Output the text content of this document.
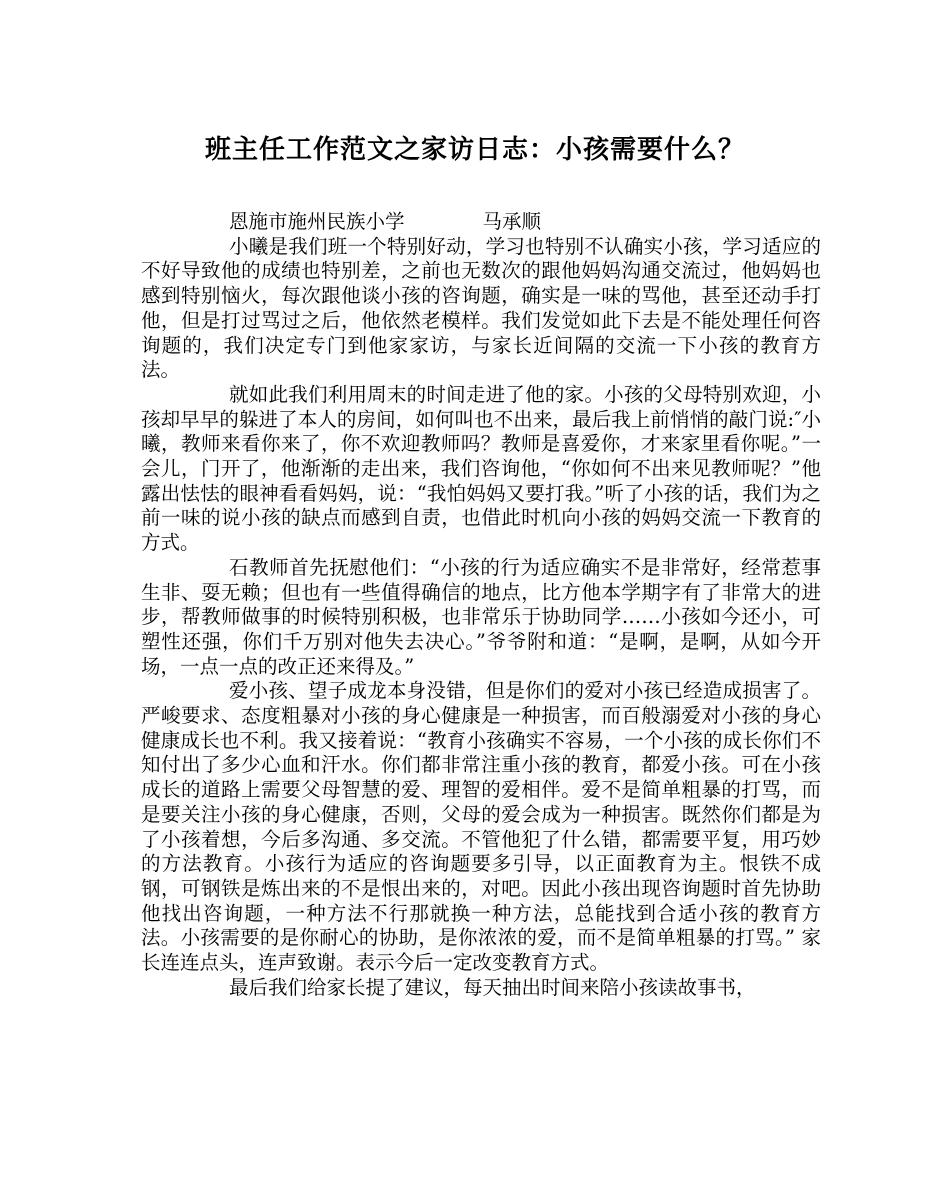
班主任工作范文之家访日志：小孩需要什么？

恩施市施州民族小学	马承顺

小曦是我们班一个特别好动，学习也特别不认确实小孩，学习适应的不好导致他的成绩也特别差，之前也无数次的跟他妈妈沟通交流过，他妈妈也感到特别恼火，每次跟他谈小孩的咨询题，确实是一味的骂他，甚至还动手打他，但是打过骂过之后，他依然老模样。我们发觉如此下去是不能处理任何咨询题的，我们决定专门到他家家访，与家长近间隔的交流一下小孩的教育方法。

就如此我们利用周末的时间走进了他的家。小孩的父母特别欢迎，小孩却早早的躲进了本人的房间，如何叫也不出来，最后我上前悄悄的敲门说:″小曦，教师来看你来了，你不欢迎教师吗？教师是喜爱你，才来家里看你呢。”一会儿，门开了，他渐渐的走出来，我们咨询他，“你如何不出来见教师呢？”他露出怯怯的眼神看看妈妈，说：“我怕妈妈又要打我。”听了小孩的话，我们为之前一味的说小孩的缺点而感到自责，也借此时机向小孩的妈妈交流一下教育的方式。

石教师首先抚慰他们：“小孩的行为适应确实不是非常好，经常惹事生非、耍无赖；但也有一些值得确信的地点，比方他本学期字有了非常大的进步，帮教师做事的时候特别积极，也非常乐于协助同学……小孩如今还小，可塑性还强，你们千万别对他失去决心。”爷爷附和道：“是啊，是啊，从如今开场，一点一点的改正还来得及。”

爱小孩、望子成龙本身没错，但是你们的爱对小孩已经造成损害了。严峻要求、态度粗暴对小孩的身心健康是一种损害，而百般溺爱对小孩的身心健康成长也不利。我又接着说：“教育小孩确实不容易，一个小孩的成长你们不知付出了多少心血和汗水。你们都非常注重小孩的教育，都爱小孩。可在小孩成长的道路上需要父母智慧的爱、理智的爱相伴。爱不是简单粗暴的打骂，而是要关注小孩的身心健康，否则，父母的爱会成为一种损害。既然你们都是为了小孩着想，今后多沟通、多交流。不管他犯了什么错，都需要平复，用巧妙的方法教育。小孩行为适应的咨询题要多引导，以正面教育为主。恨铁不成钢，可钢铁是炼出来的不是恨出来的，对吧。因此小孩出现咨询题时首先协助他找出咨询题，一种方法不行那就换一种方法，总能找到合适小孩的教育方法。小孩需要的是你耐心的协助，是你浓浓的爱，而不是简单粗暴的打骂。” 家长连连点头，连声致谢。表示今后一定改变教育方式。

最后我们给家长提了建议，每天抽出时间来陪小孩读故事书，
